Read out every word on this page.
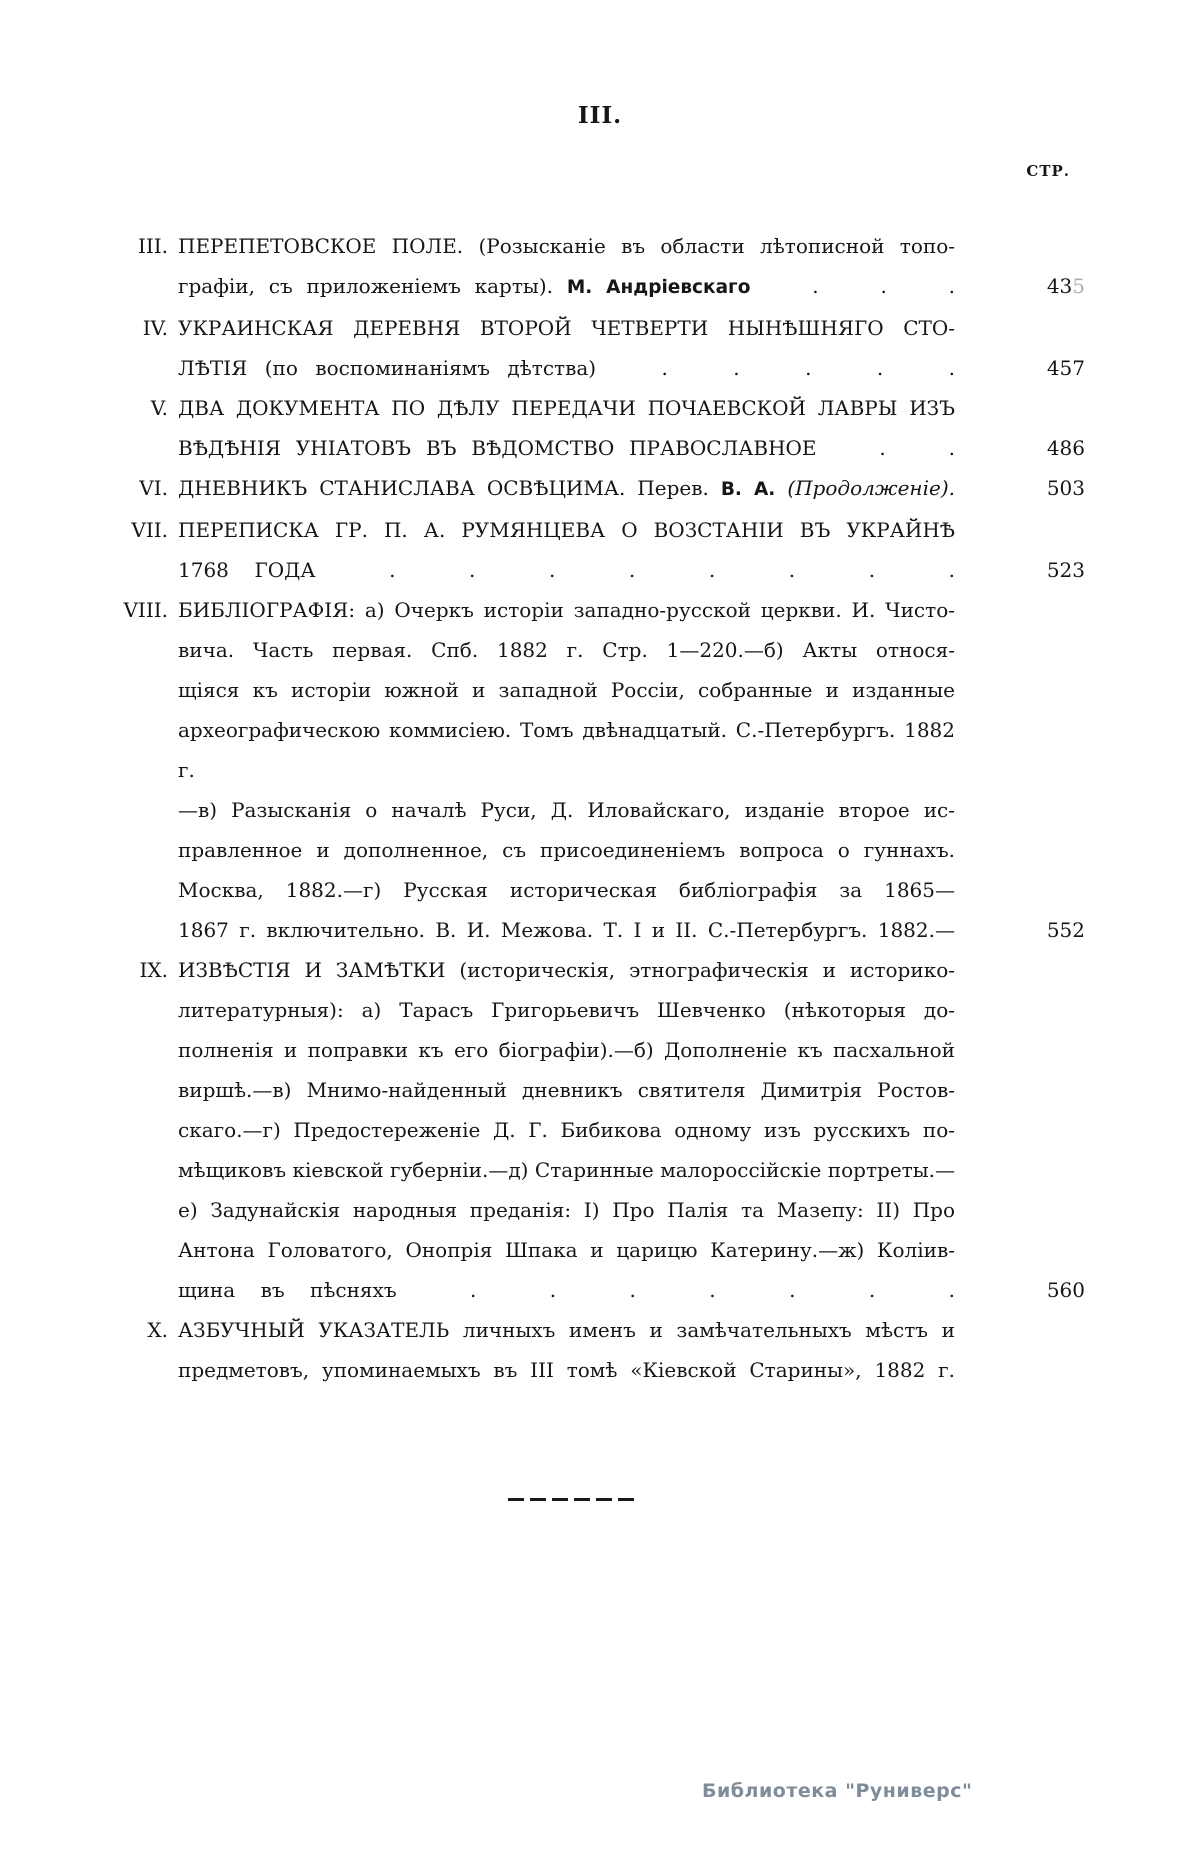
III.
СТР.
III. ПЕРЕПЕТОВСКОЕ ПОЛЕ. (Розысканіе въ области лѣтописной топо-
графіи, съ приложеніемъ карты). М. Андріевскаго . . .	435
IV. УКРАИНСКАЯ ДЕРЕВНЯ ВТОРОЙ ЧЕТВЕРТИ НЫНѢШНЯГО СТО-
ЛѢТІЯ (по воспоминаніямъ дѣтства) . . . . .	457
V. ДВА ДОКУМЕНТА ПО ДѢЛУ ПЕРЕДАЧИ ПОЧАЕВСКОЙ ЛАВРЫ ИЗЪ
ВѢДѢНІЯ УНІАТОВЪ ВЪ ВѢДОМСТВО ПРАВОСЛАВНОЕ . .	486
VI. ДНЕВНИКЪ СТАНИСЛАВА ОСВѢЦИМА. Перев. В. А. (Продолженіе).	503
VII. ПЕРЕПИСКА ГР. П. А. РУМЯНЦЕВА О ВОЗСТАНІИ ВЪ УКРАЙНѢ
1768 ГОДА . . . . . . . .	523
VIII. БИБЛІОГРАФІЯ: а) Очеркъ исторіи западно-русской церкви. И. Чисто-
вича. Часть первая. Спб. 1882 г. Стр. 1—220.—б) Акты относя-
щіяся къ исторіи южной и западной Россіи, собранные и изданные
археографическою коммисіею. Томъ двѣнадцатый. С.-Петербургъ. 1882 г.
—в) Разысканія о началѣ Руси, Д. Иловайскаго, изданіе второе ис-
правленное и дополненное, съ присоединеніемъ вопроса о гуннахъ.
Москва, 1882.—г) Русская историческая библіографія за 1865—
1867 г. включительно. В. И. Межова. Т. I и II. С.-Петербургъ. 1882.—	552
IX. ИЗВѢСТІЯ И ЗАМѢТКИ (историческія, этнографическія и историко-
литературныя): а) Тарасъ Григорьевичъ Шевченко (нѣкоторыя до-
полненія и поправки къ его біографіи).—б) Дополненіе къ пасхальной
виршѣ.—в) Мнимо-найденный дневникъ святителя Димитрія Ростов-
скаго.—г) Предостереженіе Д. Г. Бибикова одному изъ русскихъ по-
мѣщиковъ кіевской губерніи.—д) Старинные малороссійскіе портреты.—
е) Задунайскія народныя преданія: І) Про Палія та Мазепу: ІІ) Про
Антона Головатого, Онопрія Шпака и царицю Катерину.—ж) Коліив-
щина въ пѣсняхъ . . . . . . .	560
X. АЗБУЧНЫЙ УКАЗАТЕЛЬ личныхъ именъ и замѣчательныхъ мѣстъ и
предметовъ, упоминаемыхъ въ III томѣ «Кіевской Старины», 1882 г.
Библиотека "Руниверс"
